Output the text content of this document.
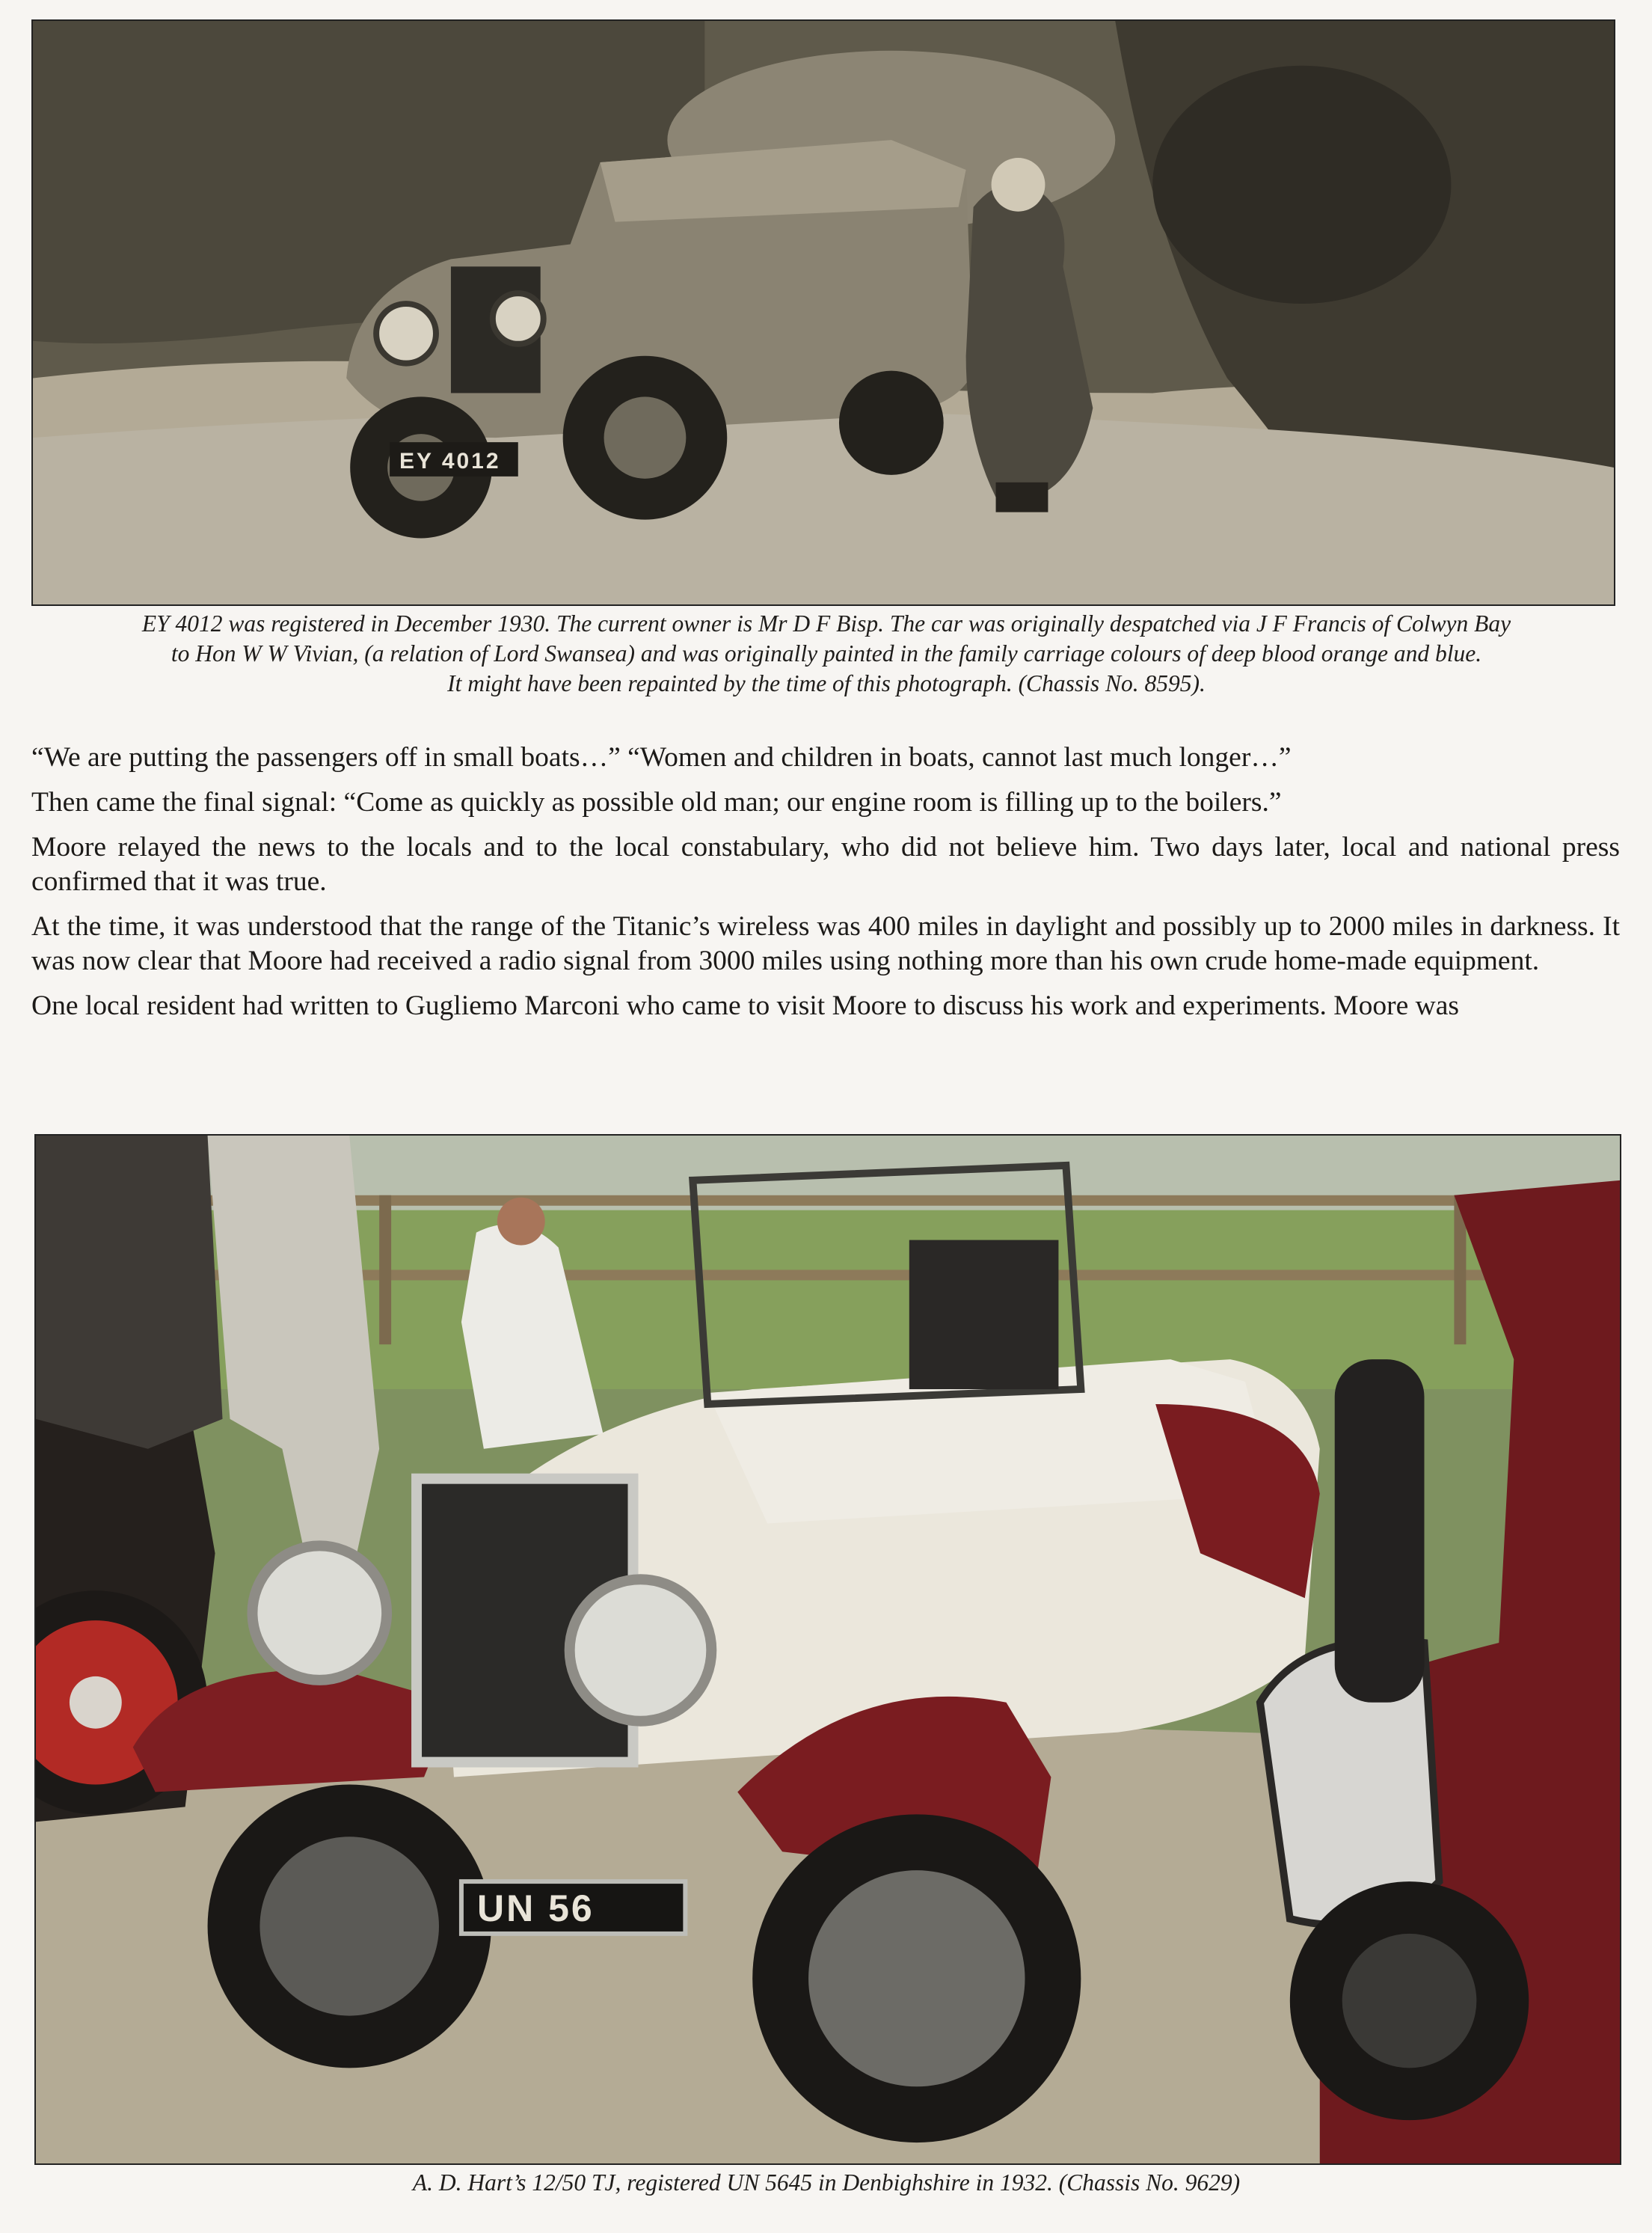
EY 4012
EY 4012 was registered in December 1930. The current owner is Mr D F Bisp. The car was originally despatched via J F Francis of Colwyn Bay
to Hon W W Vivian, (a relation of Lord Swansea) and was originally painted in the family carriage colours of deep blood orange and blue.
It might have been repainted by the time of this photograph. (Chassis No. 8595).

“We are putting the passengers off in small boats…” “Women and children in boats, cannot last much longer…”

Then came the final signal: “Come as quickly as possible old man; our engine room is filling up to the boilers.”

Moore relayed the news to the locals and to the local constabulary, who did not believe him. Two days later, local and national press confirmed that it was true.

At the time, it was understood that the range of the Titanic’s wireless was 400 miles in daylight and possibly up to 2000 miles in darkness. It was now clear that Moore had received a radio signal from 3000 miles using nothing more than his own crude home-made equipment.

One local resident had written to Gugliemo Marconi who came to visit Moore to discuss his work and experiments. Moore was

UN 56
A. D. Hart’s 12/50 TJ, registered UN 5645 in Denbighshire in 1932. (Chassis No. 9629)
